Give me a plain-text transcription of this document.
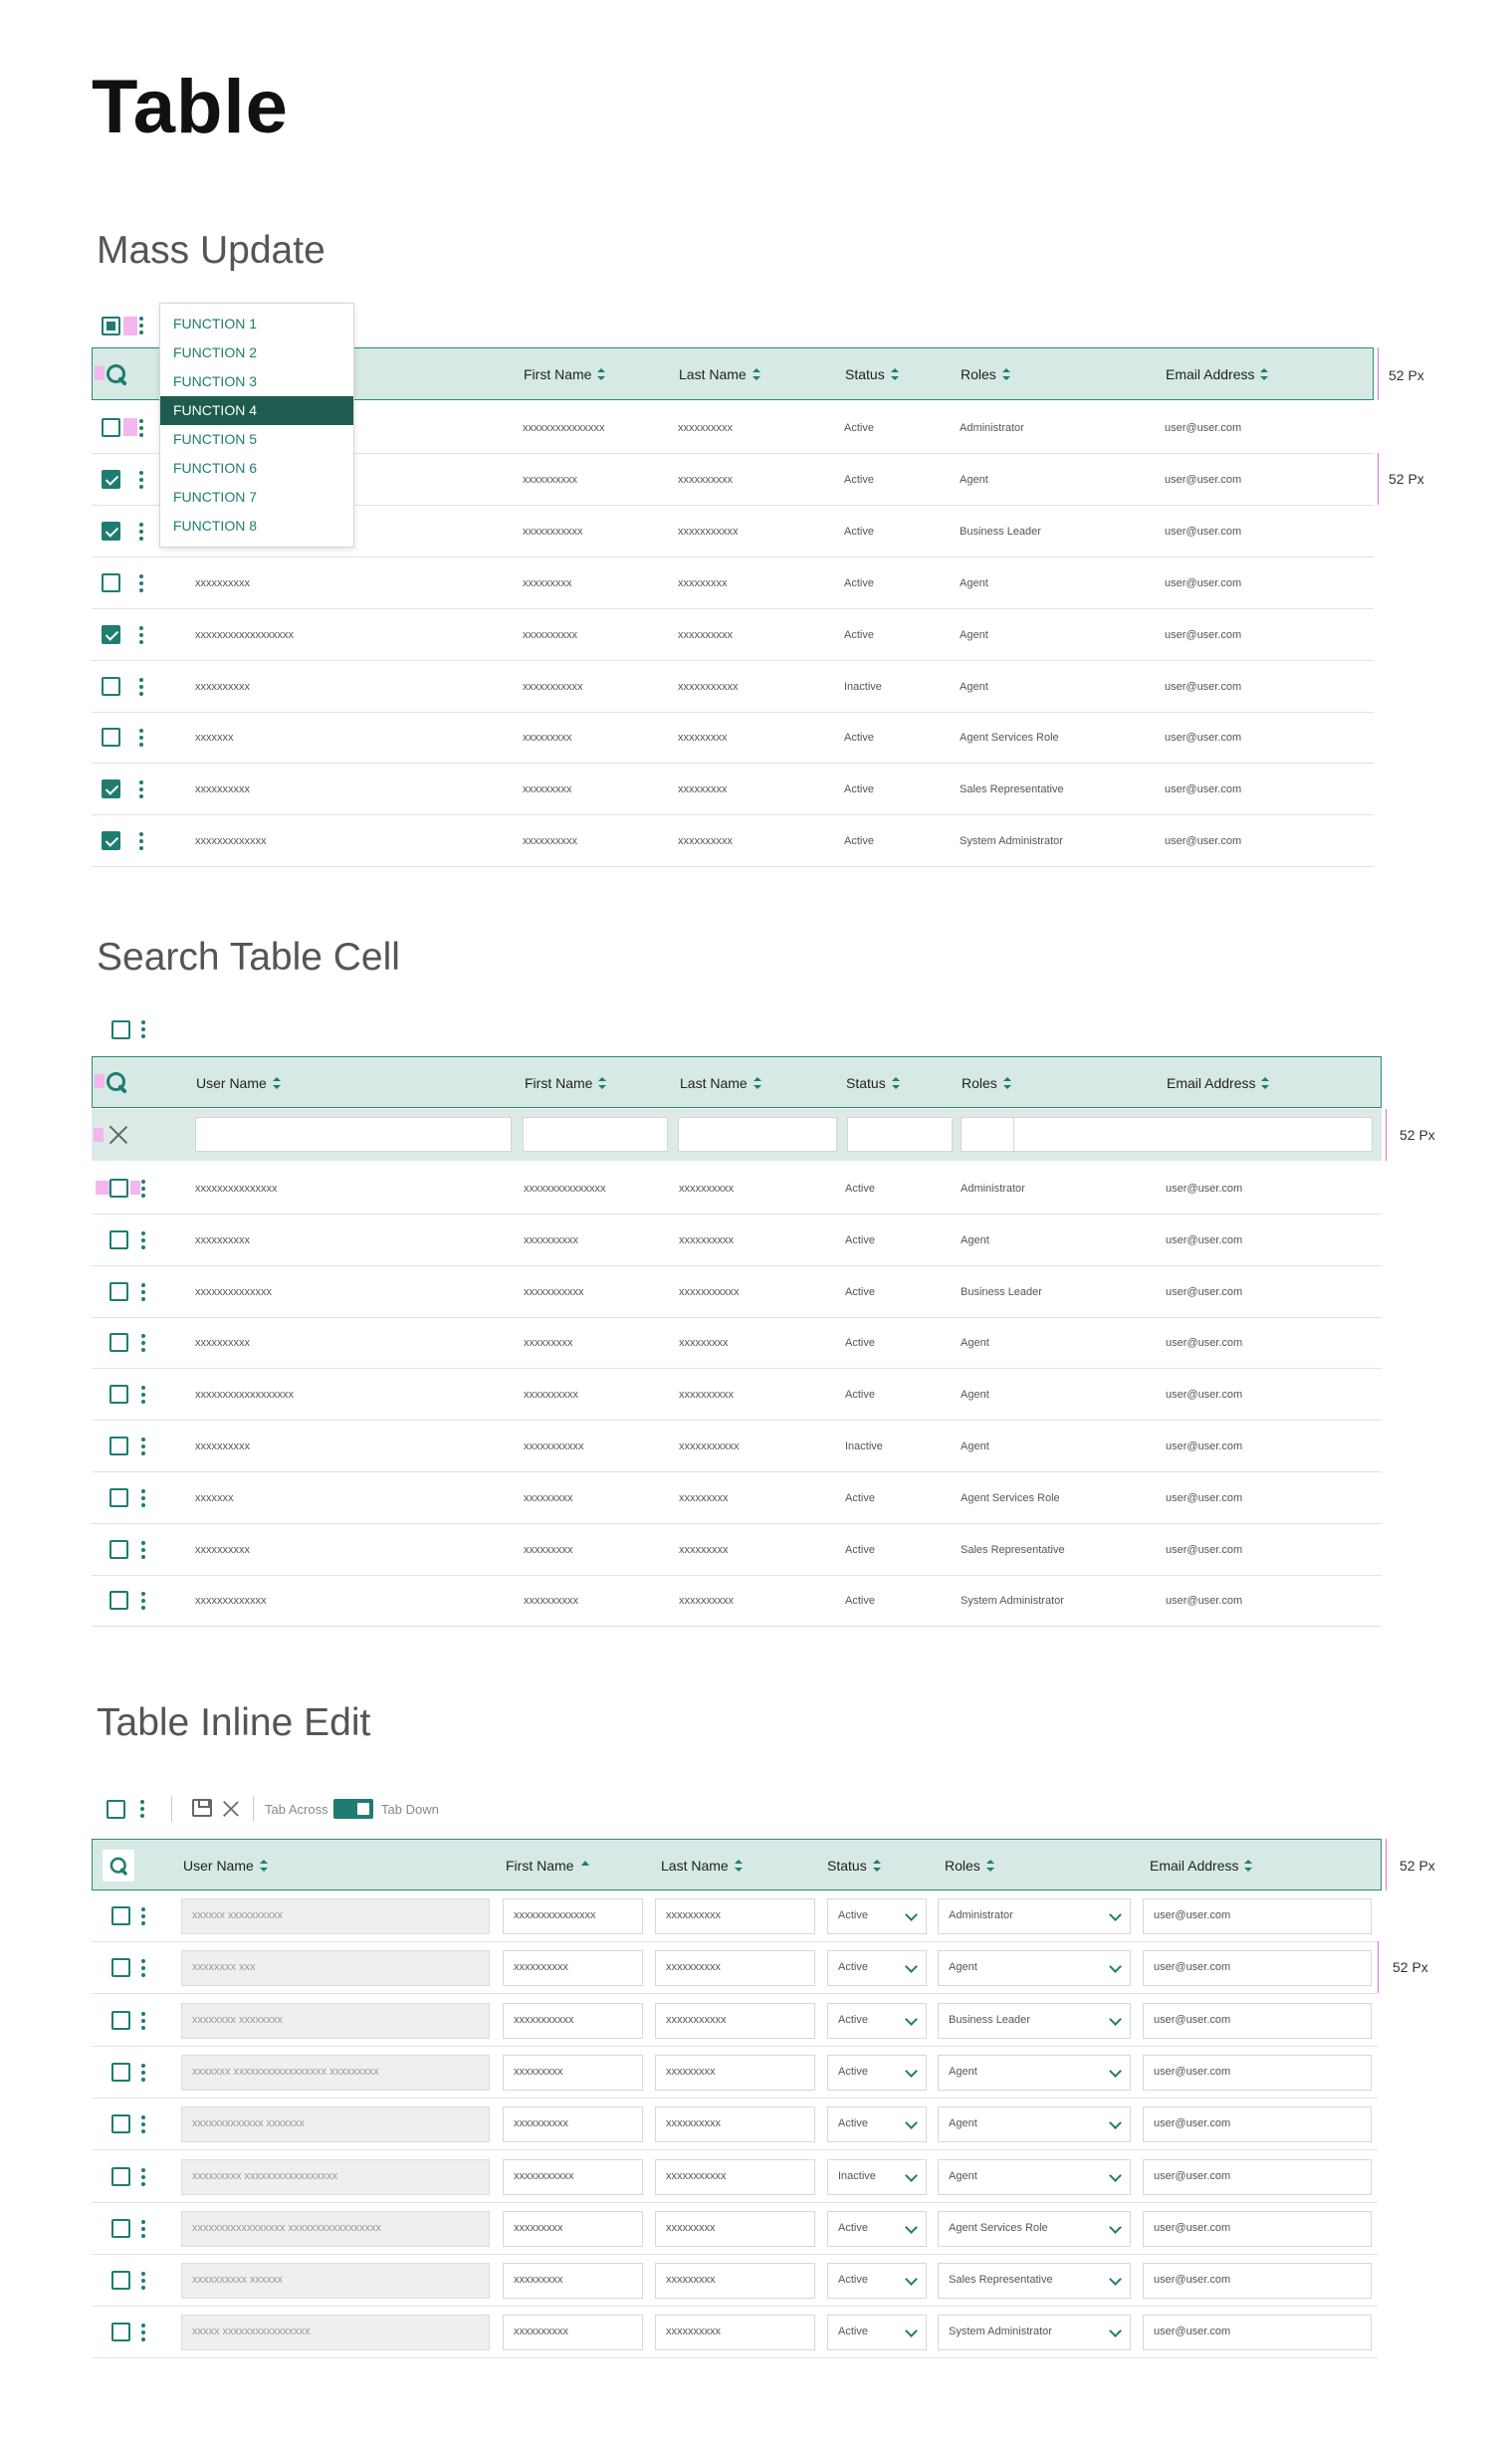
Table
Mass Update
First Name	Last Name	Status	Roles	Email Address	52 Px
52 Px
xxxxxxxxxxxxxxx	xxxxxxxxxx	Active	Administrator	user@user.com
xxxxxxxxxx	xxxxxxxxxx	Active	Agent	user@user.com
xxxxxxxxxxx	xxxxxxxxxxx	Active	Business Leader	user@user.com
xxxxxxxxxx	xxxxxxxxx	xxxxxxxxx	Active	Agent	user@user.com
xxxxxxxxxxxxxxxxxx	xxxxxxxxxx	xxxxxxxxxx	Active	Agent	user@user.com
xxxxxxxxxx	xxxxxxxxxxx	xxxxxxxxxxx	Inactive	Agent	user@user.com
xxxxxxx	xxxxxxxxx	xxxxxxxxx	Active	Agent Services Role	user@user.com
xxxxxxxxxx	xxxxxxxxx	xxxxxxxxx	Active	Sales Representative	user@user.com
xxxxxxxxxxxxx	xxxxxxxxxx	xxxxxxxxxx	Active	System Administrator	user@user.com
FUNCTION 1
FUNCTION 2
FUNCTION 3
FUNCTION 4
FUNCTION 5
FUNCTION 6
FUNCTION 7
FUNCTION 8
Search Table Cell
User Name	First Name	Last Name	Status	Roles	Email Address
52 Px
xxxxxxxxxxxxxxx	xxxxxxxxxxxxxxx	xxxxxxxxxx	Active	Administrator	user@user.com
xxxxxxxxxx	xxxxxxxxxx	xxxxxxxxxx	Active	Agent	user@user.com
xxxxxxxxxxxxxx	xxxxxxxxxxx	xxxxxxxxxxx	Active	Business Leader	user@user.com
xxxxxxxxxx	xxxxxxxxx	xxxxxxxxx	Active	Agent	user@user.com
xxxxxxxxxxxxxxxxxx	xxxxxxxxxx	xxxxxxxxxx	Active	Agent	user@user.com
xxxxxxxxxx	xxxxxxxxxxx	xxxxxxxxxxx	Inactive	Agent	user@user.com
xxxxxxx	xxxxxxxxx	xxxxxxxxx	Active	Agent Services Role	user@user.com
xxxxxxxxxx	xxxxxxxxx	xxxxxxxxx	Active	Sales Representative	user@user.com
xxxxxxxxxxxxx	xxxxxxxxxx	xxxxxxxxxx	Active	System Administrator	user@user.com
Table Inline Edit
Tab Across	Tab Down
User Name	First Name	Last Name	Status	Roles	Email Address	52 Px
52 Px
xxxxxx xxxxxxxxxx	xxxxxxxxxxxxxxx	xxxxxxxxxx	Active	Administrator	user@user.com
xxxxxxxx xxx	xxxxxxxxxx	xxxxxxxxxx	Active	Agent	user@user.com
xxxxxxxx xxxxxxxx	xxxxxxxxxxx	xxxxxxxxxxx	Active	Business Leader	user@user.com
xxxxxxx xxxxxxxxxxxxxxxxx xxxxxxxxx	xxxxxxxxx	xxxxxxxxx	Active	Agent	user@user.com
xxxxxxxxxxxxx xxxxxxx	xxxxxxxxxx	xxxxxxxxxx	Active	Agent	user@user.com
xxxxxxxxx xxxxxxxxxxxxxxxxx	xxxxxxxxxxx	xxxxxxxxxxx	Inactive	Agent	user@user.com
xxxxxxxxxxxxxxxxx xxxxxxxxxxxxxxxxx	xxxxxxxxx	xxxxxxxxx	Active	Agent Services Role	user@user.com
xxxxxxxxxx xxxxxx	xxxxxxxxx	xxxxxxxxx	Active	Sales Representative	user@user.com
xxxxx xxxxxxxxxxxxxxxx	xxxxxxxxxx	xxxxxxxxxx	Active	System Administrator	user@user.com
